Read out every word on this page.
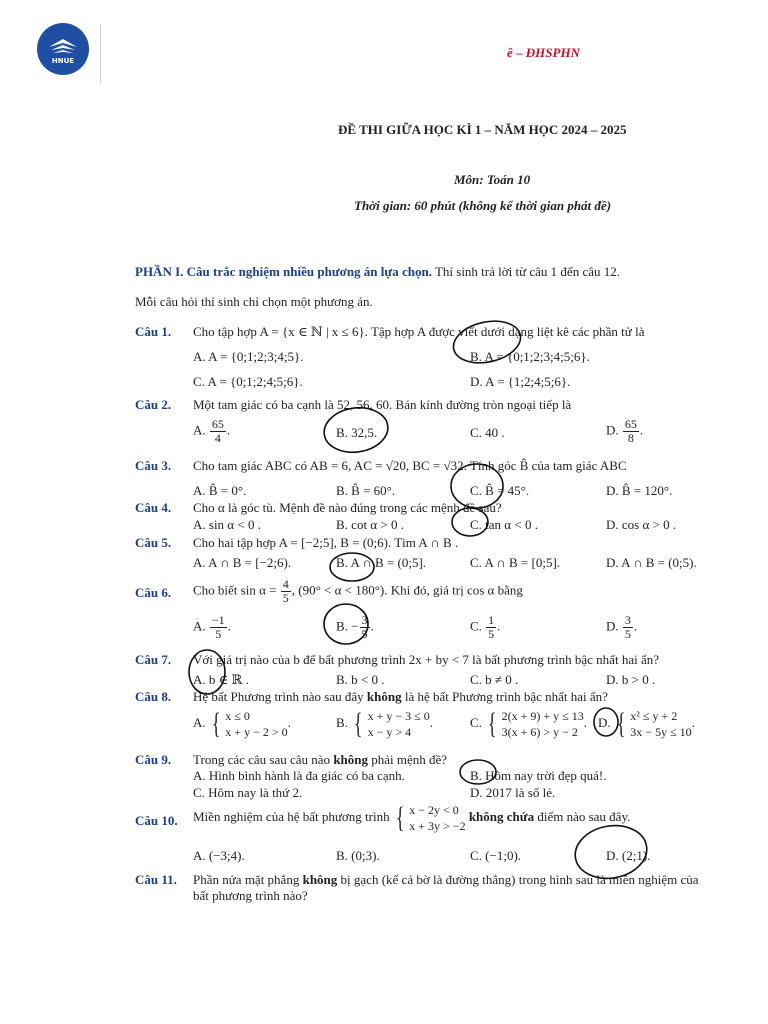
HNUE
ề – ĐHSPHN
ĐỀ THI GIỮA HỌC KÌ 1 – NĂM HỌC 2024 – 2025
Môn: Toán 10
Thời gian: 60 phút (không kể thời gian phát đề)
PHẦN I. Câu trắc nghiệm nhiều phương án lựa chọn. Thí sinh trả lời từ câu 1 đến câu 12.
Mỗi câu hỏi thí sinh chỉ chọn một phương án.
Câu 1. Cho tập hợp A = {x ∈ ℕ | x ≤ 6}. Tập hợp A được viết dưới dạng liệt kê các phần tử là
A. A = {0;1;2;3;4;5}.	B. A = {0;1;2;3;4;5;6}.
C. A = {0;1;2;4;5;6}.	D. A = {1;2;4;5;6}.
Câu 2. Một tam giác có ba cạnh là 52, 56, 60. Bán kính đường tròn ngoại tiếp là
A. $\frac{65}{4}$ .	B. 32,5.	C. 40 .	D. $\frac{65}{8}$ .
Câu 3. Cho tam giác ABC có AB = 6, AC = √20, BC = √32. Tính góc B̂ của tam giác ABC
A. B̂ = 0°.	B. B̂ = 60°.	C. B̂ = 45°.	D. B̂ = 120°.
Câu 4. Cho α là góc tù. Mệnh đề nào đúng trong các mệnh đề sau?
A. sin α < 0 .	B. cot α > 0 .	C. tan α < 0 .	D. cos α > 0 .
Câu 5. Cho hai tập hợp A = [−2;5], B = (0;6). Tìm A ∩ B .
A. A ∩ B = [−2;6).	B. A ∩ B = (0;5].	C. A ∩ B = [0;5].	D. A ∩ B = (0;5).
Câu 6. Cho biết $\sin \alpha = \frac{4}{5}$ , (90° < α < 180°). Khi đó, giá trị cos α bằng
A. $\frac{-1}{5}$ .	B. − $\frac{3}{5}$ .	C. $\frac{1}{5}$ .	D. $\frac{3}{5}$ .
Câu 7. Với giá trị nào của b để bất phương trình 2x + by < 7 là bất phương trình bậc nhất hai ẩn?
A. b ∈ ℝ .	B. b < 0 .	C. b ≠ 0 .	D. b > 0 .
Câu 8. Hệ bất Phương trình nào sau đây không là hệ bất Phương trình bậc nhất hai ẩn?
A. { x ≤ 0
x + y − 2 > 0
.	B. { x + y − 3 ≤ 0
x − y > 4
.	C. { 2(x + 9) + y ≤ 13
3(x + 6) > y − 2
. D. { x² ≤ y + 2
3x − 5y ≤ 10
.
Câu 9. Trong các câu sau câu nào không phải mệnh đề?
A. Hình bình hành là đa giác có ba cạnh.	B. Hôm nay trời đẹp quá!.
C. Hôm nay là thứ 2.	D. 2017 là số lẻ.
Câu 10. Miền nghiệm của hệ bất phương trình { x − 2y < 0
x + 3y > −2
không chứa điểm nào sau đây.
A. (−3;4).	B. (0;3).	C. (−1;0).	D. (2;1).
Câu 11. Phần nửa mặt phẳng không bị gạch (kể cả bờ là đường thẳng) trong hình sau là miền nghiệm của
bất phương trình nào?
